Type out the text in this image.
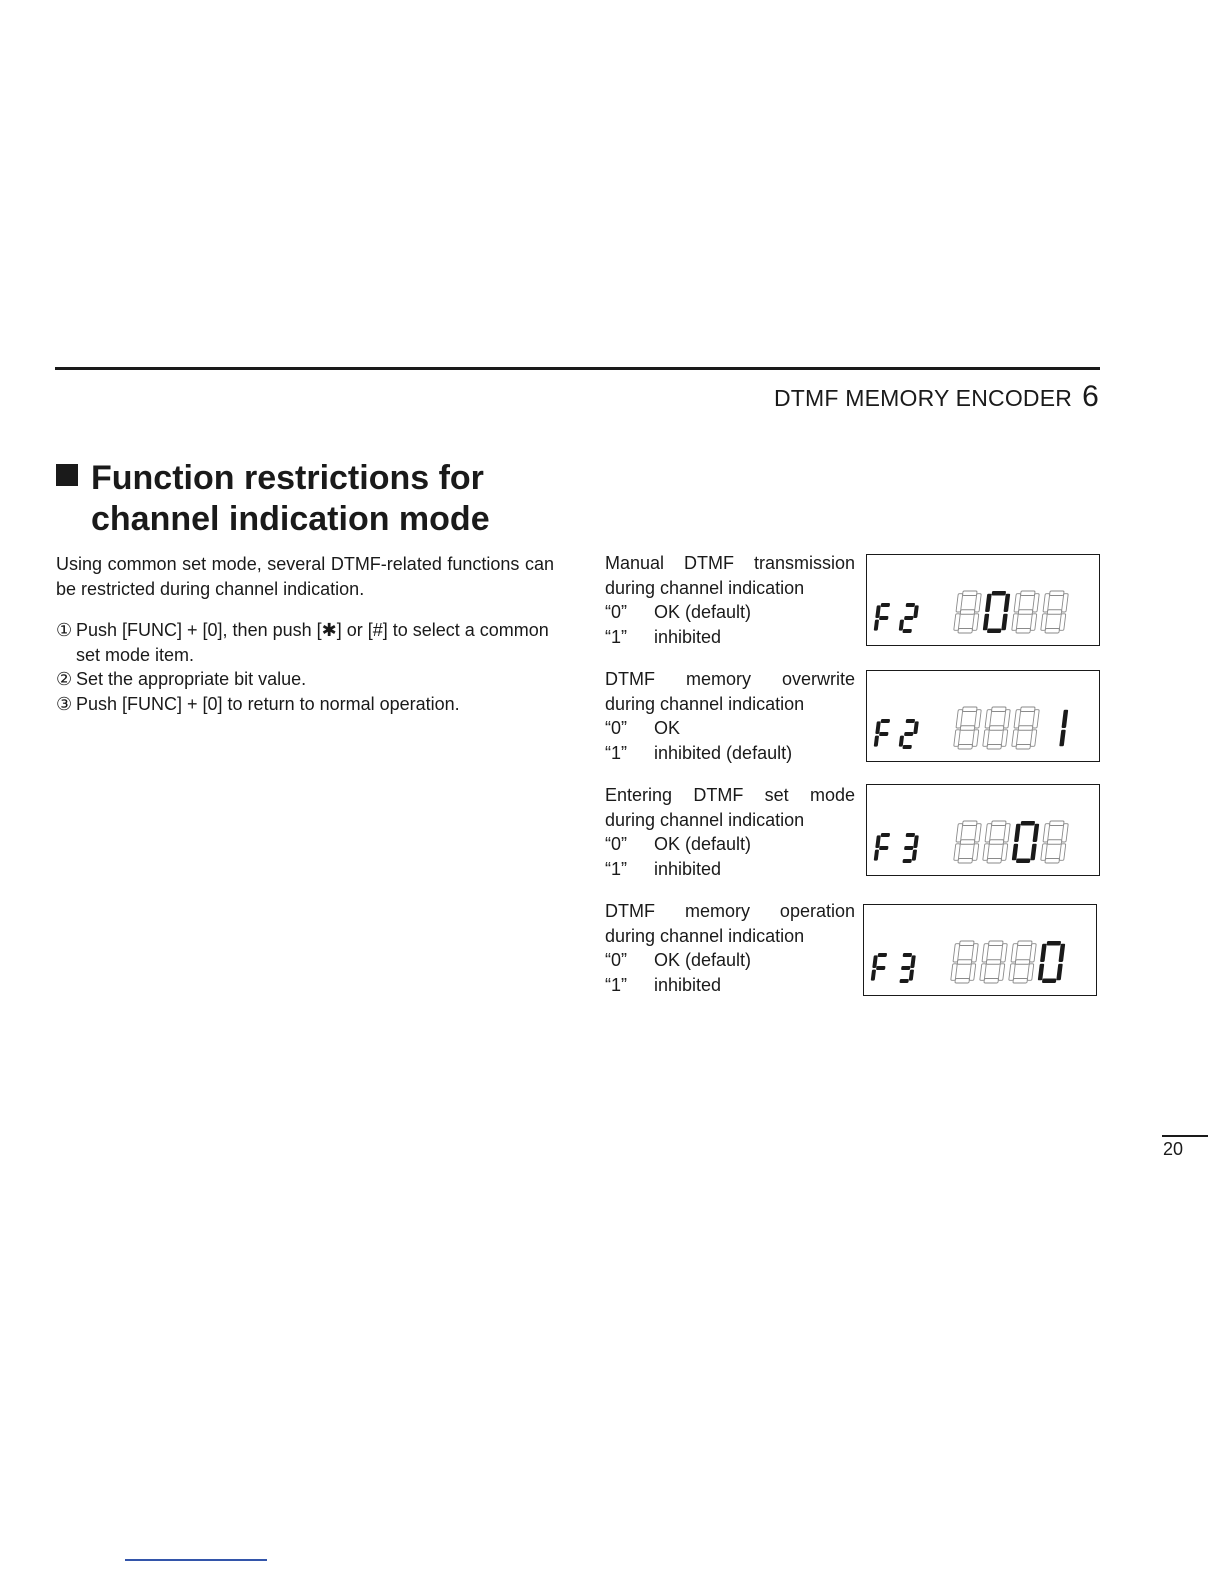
DTMF MEMORY ENCODER 6
Function restrictions for
channel indication mode
Using common set mode, several DTMF-related functions can be restricted during channel indication.
① Push [FUNC] + [0], then push [✱] or [#] to select a common set mode item.
② Set the appropriate bit value.
③ Push [FUNC] + [0] to return to normal operation.
Manual DTMF transmission during channel indication
“0” OK (default)
“1” inhibited
DTMF memory overwrite during channel indication
“0” OK
“1” inhibited (default)
Entering DTMF set mode during channel indication
“0” OK (default)
“1” inhibited
DTMF memory operation during channel indication
“0” OK (default)
“1” inhibited
20
